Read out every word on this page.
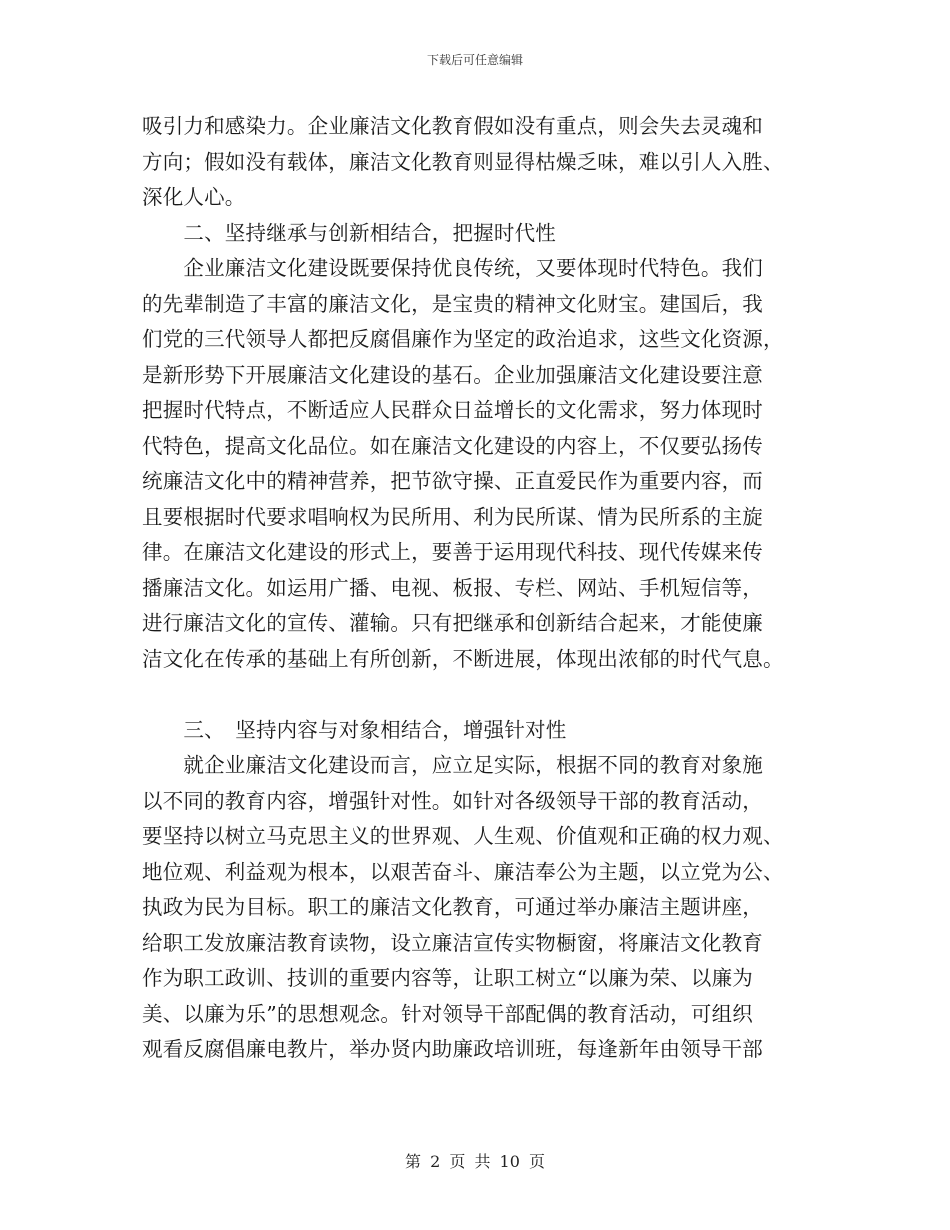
下载后可任意编辑
吸引力和感染力。企业廉洁文化教育假如没有重点，则会失去灵魂和
方向；假如没有载体，廉洁文化教育则显得枯燥乏味，难以引人入胜、
深化人心。
　　二、坚持继承与创新相结合，把握时代性
　　企业廉洁文化建设既要保持优良传统，又要体现时代特色。我们
的先辈制造了丰富的廉洁文化，是宝贵的精神文化财宝。建国后，我
们党的三代领导人都把反腐倡廉作为坚定的政治追求，这些文化资源，
是新形势下开展廉洁文化建设的基石。企业加强廉洁文化建设要注意
把握时代特点，不断适应人民群众日益增长的文化需求，努力体现时
代特色，提高文化品位。如在廉洁文化建设的内容上，不仅要弘扬传
统廉洁文化中的精神营养，把节欲守操、正直爱民作为重要内容，而
且要根据时代要求唱响权为民所用、利为民所谋、情为民所系的主旋
律。在廉洁文化建设的形式上，要善于运用现代科技、现代传媒来传
播廉洁文化。如运用广播、电视、板报、专栏、网站、手机短信等，
进行廉洁文化的宣传、灌输。只有把继承和创新结合起来，才能使廉
洁文化在传承的基础上有所创新，不断进展，体现出浓郁的时代气息。
　　三、　坚持内容与对象相结合，增强针对性
　　就企业廉洁文化建设而言，应立足实际，根据不同的教育对象施
以不同的教育内容，增强针对性。如针对各级领导干部的教育活动，
要坚持以树立马克思主义的世界观、人生观、价值观和正确的权力观、
地位观、利益观为根本，以艰苦奋斗、廉洁奉公为主题，以立党为公、
执政为民为目标。职工的廉洁文化教育，可通过举办廉洁主题讲座，
给职工发放廉洁教育读物，设立廉洁宣传实物橱窗，将廉洁文化教育
作为职工政训、技训的重要内容等，让职工树立“以廉为荣、以廉为
美、以廉为乐”的思想观念。针对领导干部配偶的教育活动，可组织
观看反腐倡廉电教片，举办贤内助廉政培训班，每逢新年由领导干部
第 2 页 共 10 页
